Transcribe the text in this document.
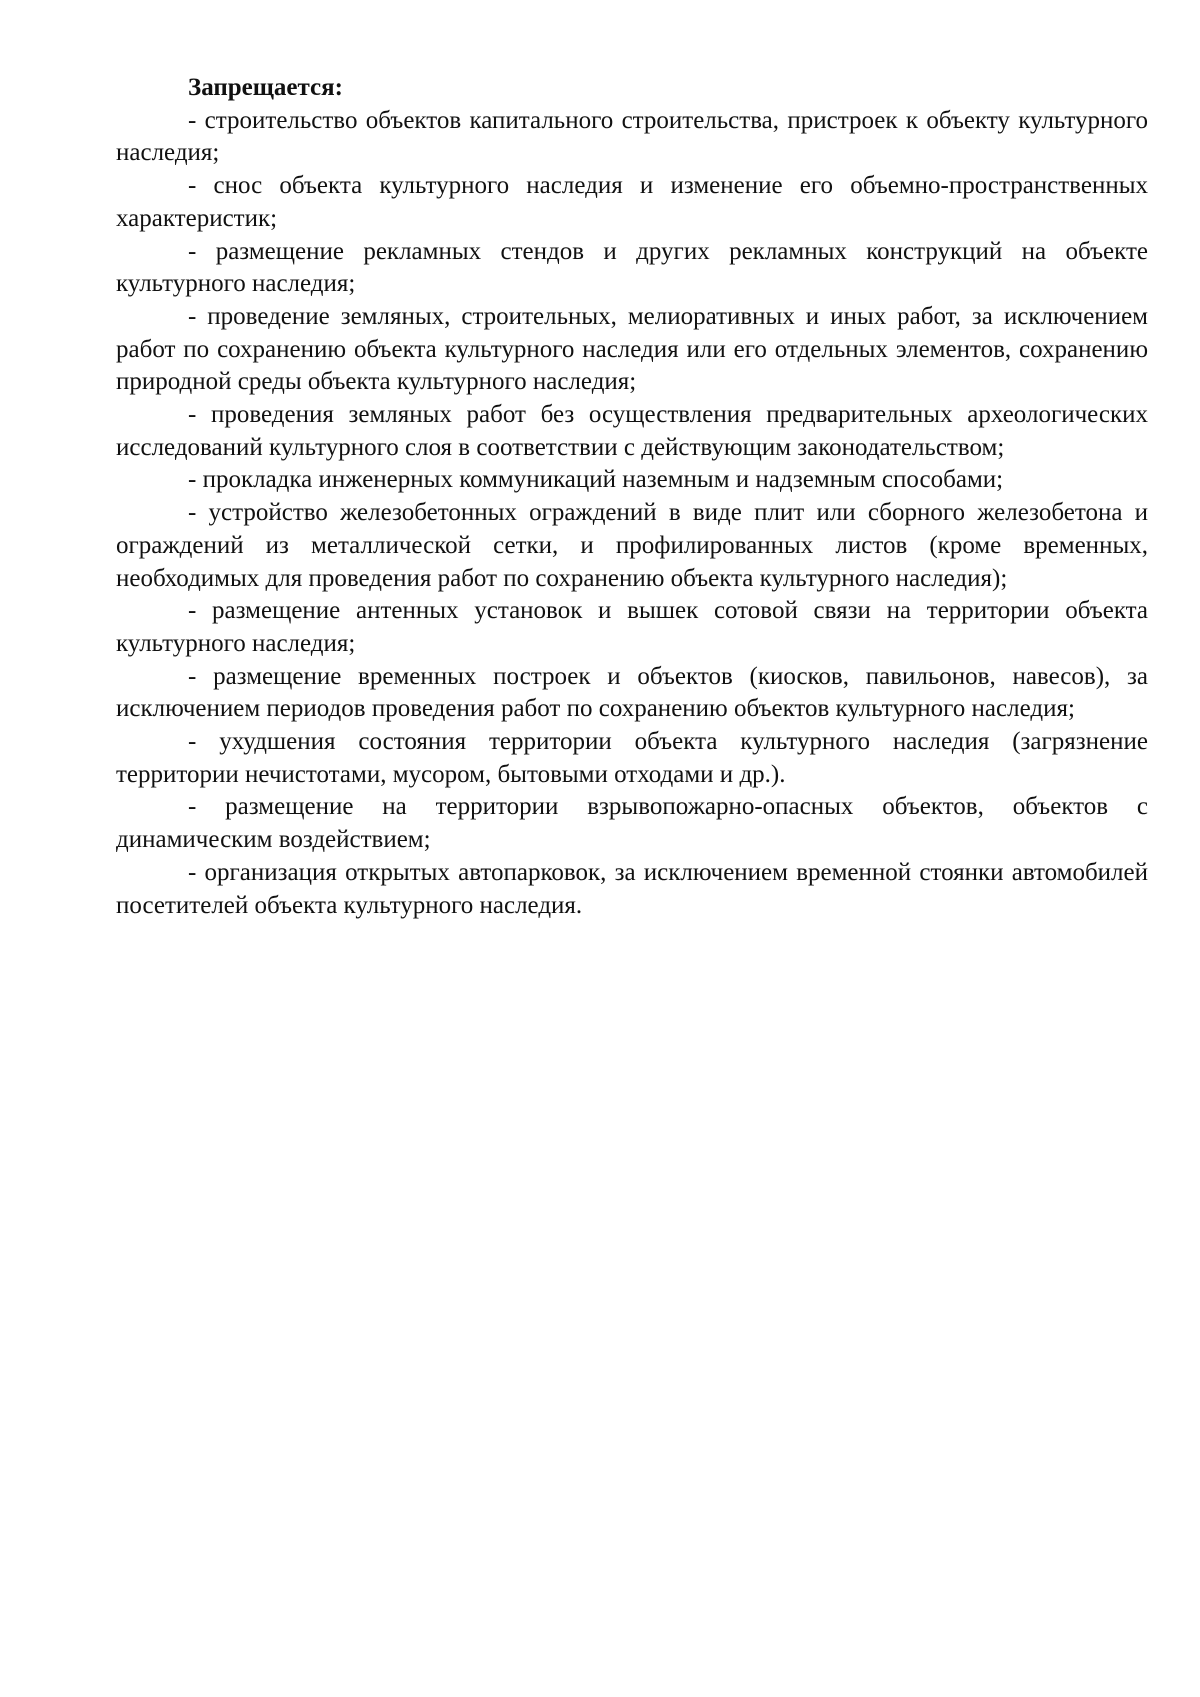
Запрещается:

- строительство объектов капитального строительства, пристроек к объекту культурного наследия;

- снос объекта культурного наследия и изменение его объемно-пространственных характеристик;

- размещение рекламных стендов и других рекламных конструкций на объекте культурного наследия;

- проведение земляных, строительных, мелиоративных и иных работ, за исключением работ по сохранению объекта культурного наследия или его отдельных элементов, сохранению природной среды объекта культурного наследия;

- проведения земляных работ без осуществления предварительных археологических исследований культурного слоя в соответствии с действующим законодательством;

- прокладка инженерных коммуникаций наземным и надземным способами;

- устройство железобетонных ограждений в виде плит или сборного железобетона и ограждений из металлической сетки, и профилированных листов (кроме временных, необходимых для проведения работ по сохранению объекта культурного наследия);

- размещение антенных установок и вышек сотовой связи на территории объекта культурного наследия;

- размещение временных построек и объектов (киосков, павильонов, навесов), за исключением периодов проведения работ по сохранению объектов культурного наследия;

- ухудшения состояния территории объекта культурного наследия (загрязнение территории нечистотами, мусором, бытовыми отходами и др.).

- размещение на территории взрывопожарно-опасных объектов, объектов с динамическим воздействием;

- организация открытых автопарковок, за исключением временной стоянки автомобилей посетителей объекта культурного наследия.
